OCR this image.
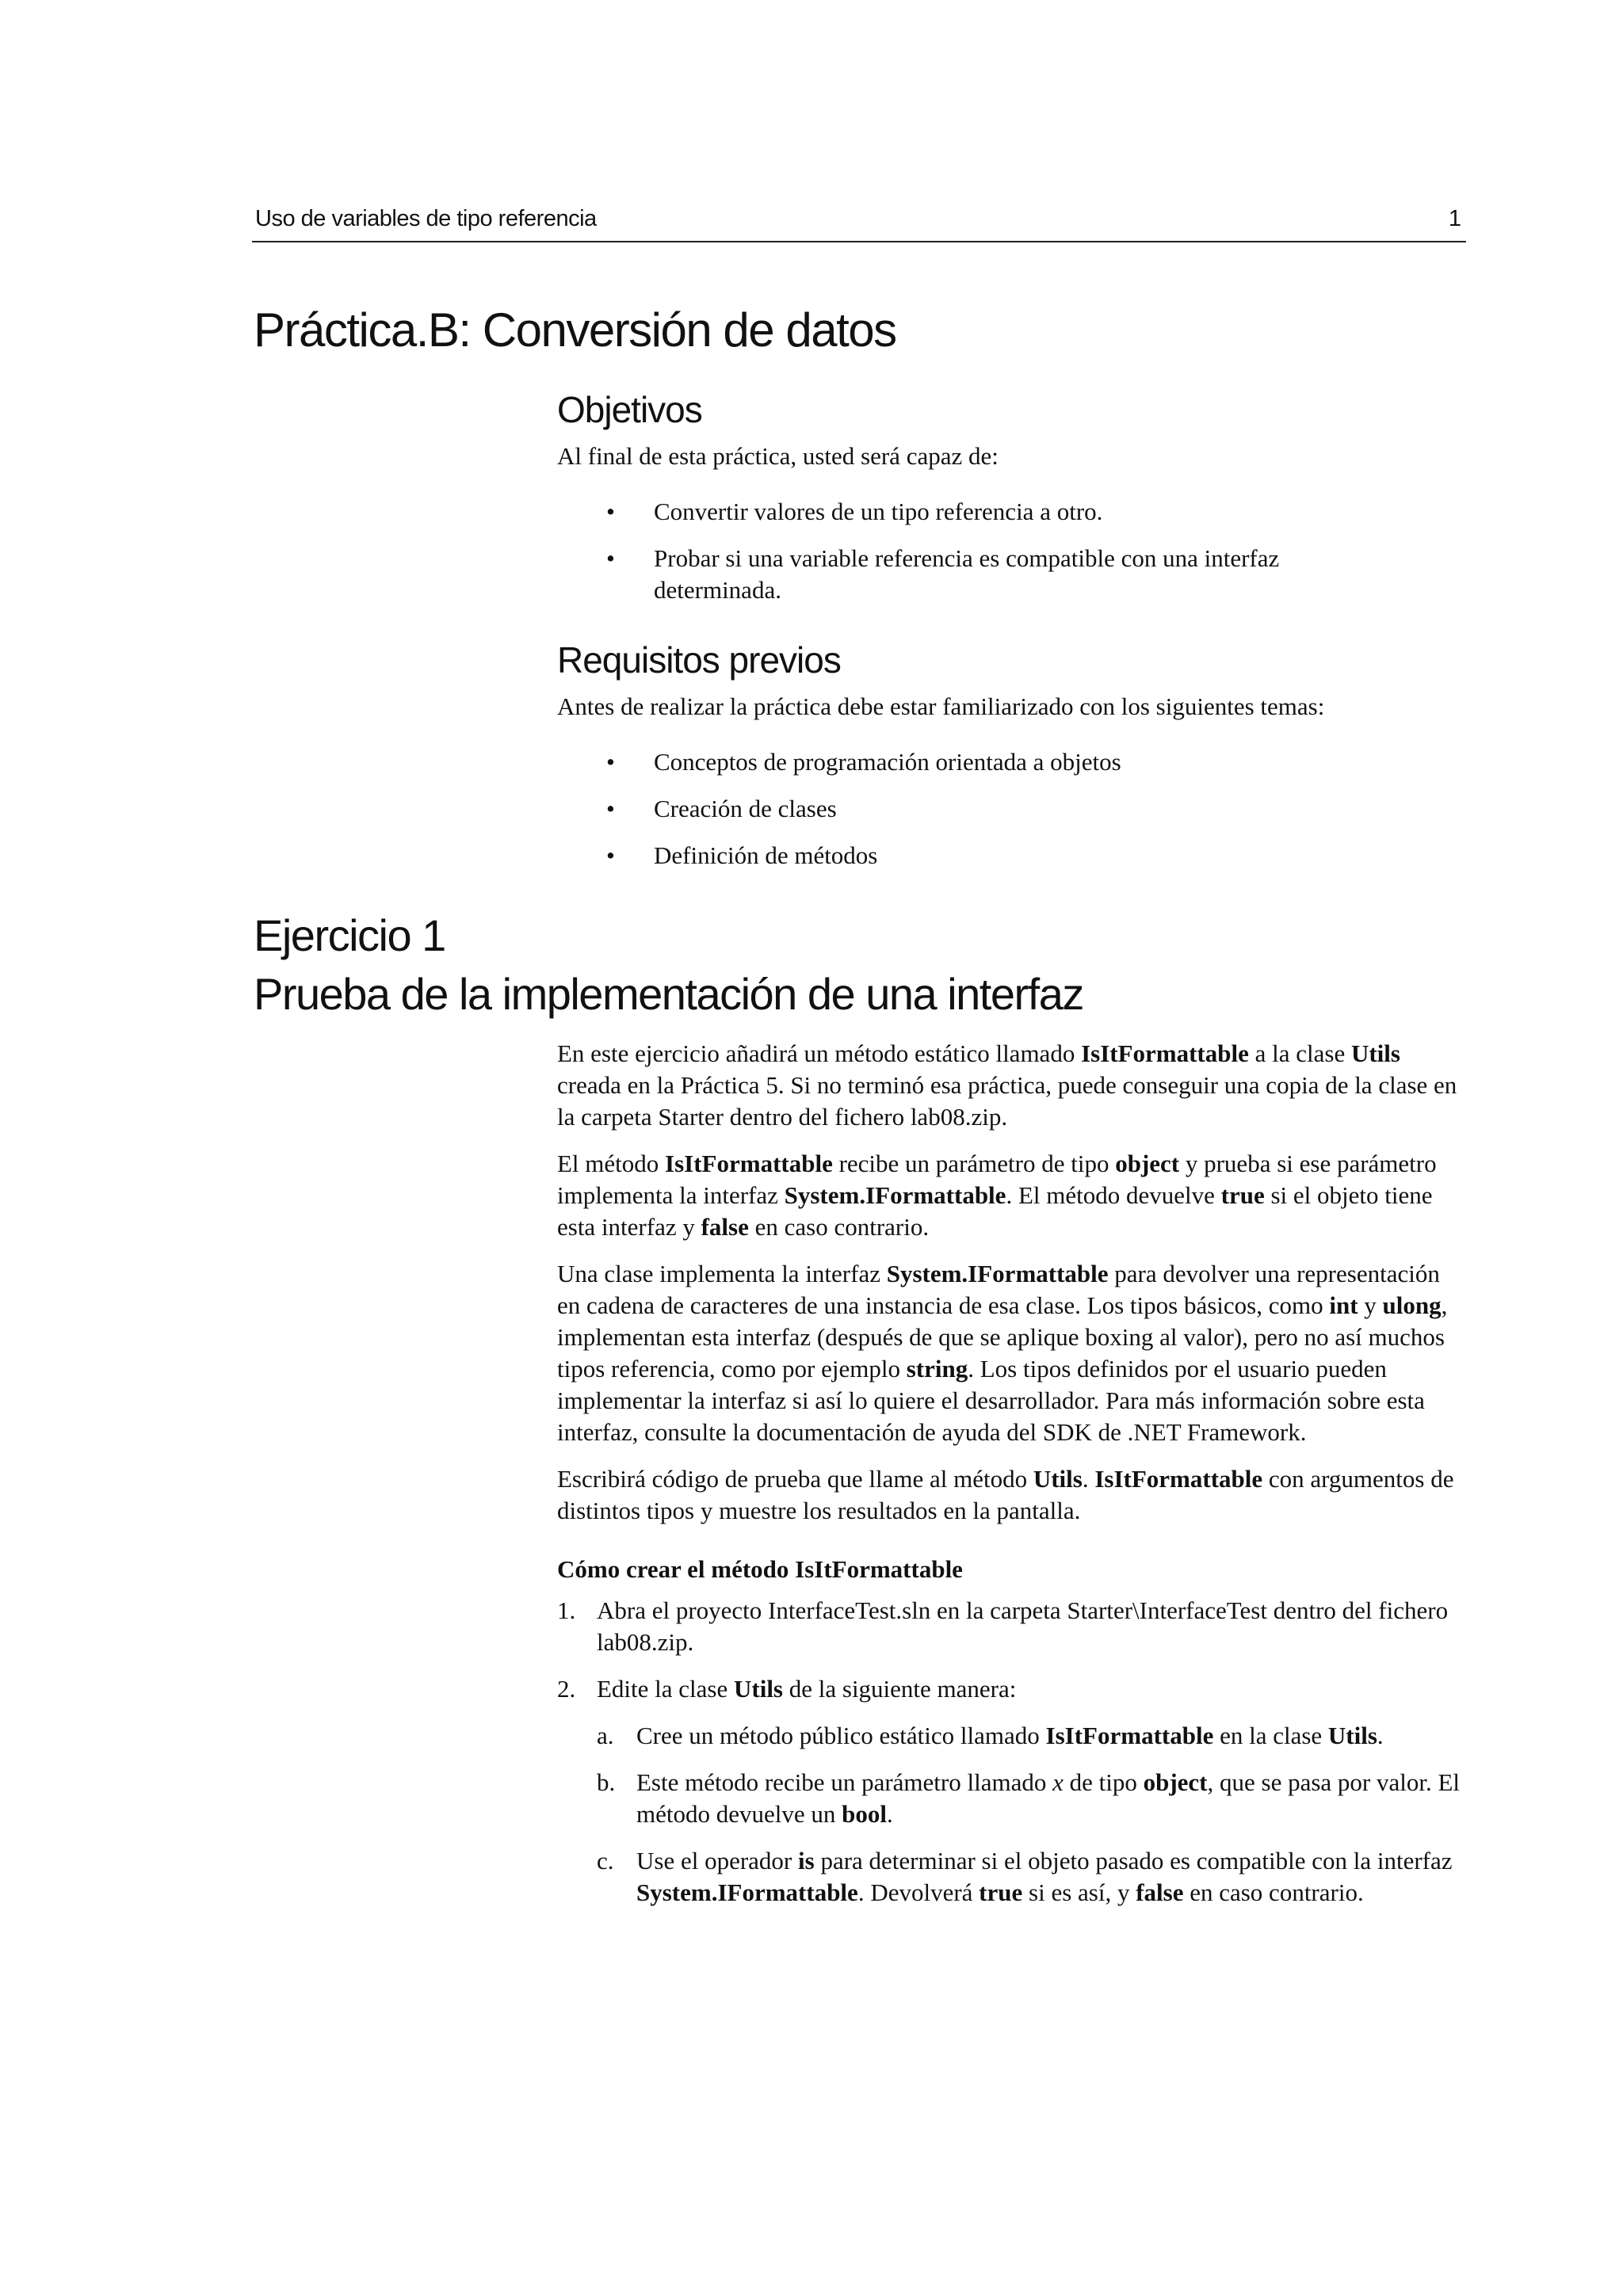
Uso de variables de tipo referencia	1
Práctica.B: Conversión de datos
Objetivos

Al final de esta práctica, usted será capaz de:

• Convertir valores de un tipo referencia a otro.

• Probar si una variable referencia es compatible con una interfaz determinada.

Requisitos previos

Antes de realizar la práctica debe estar familiarizado con los siguientes temas:

• Conceptos de programación orientada a objetos

• Creación de clases

• Definición de métodos

Ejercicio 1
Prueba de la implementación de una interfaz

En este ejercicio añadirá un método estático llamado IsItFormattable a la clase Utils creada en la Práctica 5. Si no terminó esa práctica, puede conseguir una copia de la clase en la carpeta Starter dentro del fichero lab08.zip.

El método IsItFormattable recibe un parámetro de tipo object y prueba si ese parámetro implementa la interfaz System.IFormattable. El método devuelve true si el objeto tiene esta interfaz y false en caso contrario.

Una clase implementa la interfaz System.IFormattable para devolver una representación en cadena de caracteres de una instancia de esa clase. Los tipos básicos, como int y ulong, implementan esta interfaz (después de que se aplique boxing al valor), pero no así muchos tipos referencia, como por ejemplo string. Los tipos definidos por el usuario pueden implementar la interfaz si así lo quiere el desarrollador. Para más información sobre esta interfaz, consulte la documentación de ayuda del SDK de .NET Framework.

Escribirá código de prueba que llame al método Utils. IsItFormattable con argumentos de distintos tipos y muestre los resultados en la pantalla.

Cómo crear el método IsItFormattable

1. Abra el proyecto InterfaceTest.sln en la carpeta Starter\InterfaceTest dentro del fichero lab08.zip.

2. Edite la clase Utils de la siguiente manera:

a. Cree un método público estático llamado IsItFormattable en la clase Utils.

b. Este método recibe un parámetro llamado x de tipo object, que se pasa por valor. El método devuelve un bool.

c. Use el operador is para determinar si el objeto pasado es compatible con la interfaz System.IFormattable. Devolverá true si es así, y false en caso contrario.
